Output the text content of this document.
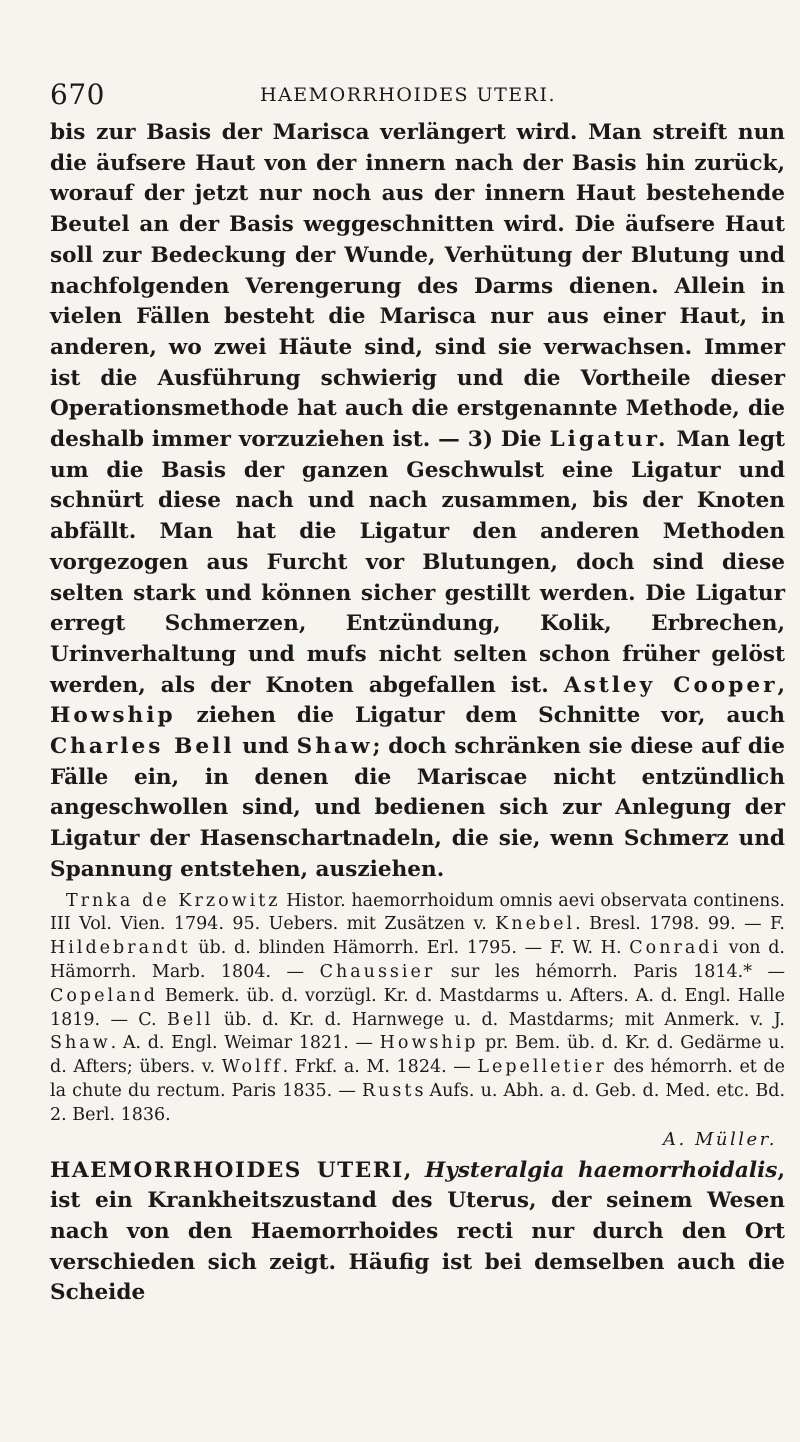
670	HAEMORRHOIDES UTERI.

bis zur Basis der Marisca verlängert wird. Man streift nun die äufsere Haut von der innern nach der Basis hin zurück, worauf der jetzt nur noch aus der innern Haut bestehende Beutel an der Basis weggeschnitten wird. Die äufsere Haut soll zur Bedeckung der Wunde, Verhütung der Blutung und nachfolgenden Verengerung des Darms dienen. Allein in vielen Fällen besteht die Marisca nur aus einer Haut, in anderen, wo zwei Häute sind, sind sie verwachsen. Immer ist die Ausführung schwierig und die Vortheile dieser Operationsmethode hat auch die erstgenannte Methode, die deshalb immer vorzuziehen ist. — 3) Die Ligatur. Man legt um die Basis der ganzen Geschwulst eine Ligatur und schnürt diese nach und nach zusammen, bis der Knoten abfällt. Man hat die Ligatur den anderen Methoden vorgezogen aus Furcht vor Blutungen, doch sind diese selten stark und können sicher gestillt werden. Die Ligatur erregt Schmerzen, Entzündung, Kolik, Erbrechen, Urinverhaltung und mufs nicht selten schon früher gelöst werden, als der Knoten abgefallen ist. Astley Cooper, Howship ziehen die Ligatur dem Schnitte vor, auch Charles Bell und Shaw; doch schränken sie diese auf die Fälle ein, in denen die Mariscae nicht entzündlich angeschwollen sind, und bedienen sich zur Anlegung der Ligatur der Hasenschartnadeln, die sie, wenn Schmerz und Spannung entstehen, ausziehen.

Trnka de Krzowitz Histor. haemorrhoidum omnis aevi observata continens. III Vol. Vien. 1794. 95. Uebers. mit Zusätzen v. Knebel. Bresl. 1798. 99. — F. Hildebrandt üb. d. blinden Hämorrh. Erl. 1795. — F. W. H. Conradi von d. Hämorrh. Marb. 1804. — Chaussier sur les hémorrh. Paris 1814.* — Copeland Bemerk. üb. d. vorzügl. Kr. d. Mastdarms u. Afters. A. d. Engl. Halle 1819. — C. Bell üb. d. Kr. d. Harnwege u. d. Mastdarms; mit Anmerk. v. J. Shaw. A. d. Engl. Weimar 1821. — Howship pr. Bem. üb. d. Kr. d. Gedärme u. d. Afters; übers. v. Wolff. Frkf. a. M. 1824. — Lepelletier des hémorrh. et de la chute du rectum. Paris 1835. — Rusts Aufs. u. Abh. a. d. Geb. d. Med. etc. Bd. 2. Berl. 1836.

A. Müller.

HAEMORRHOIDES UTERI, Hysteralgia haemorrhoidalis, ist ein Krankheitszustand des Uterus, der seinem Wesen nach von den Haemorrhoides recti nur durch den Ort verschieden sich zeigt. Häufig ist bei demselben auch die Scheide
